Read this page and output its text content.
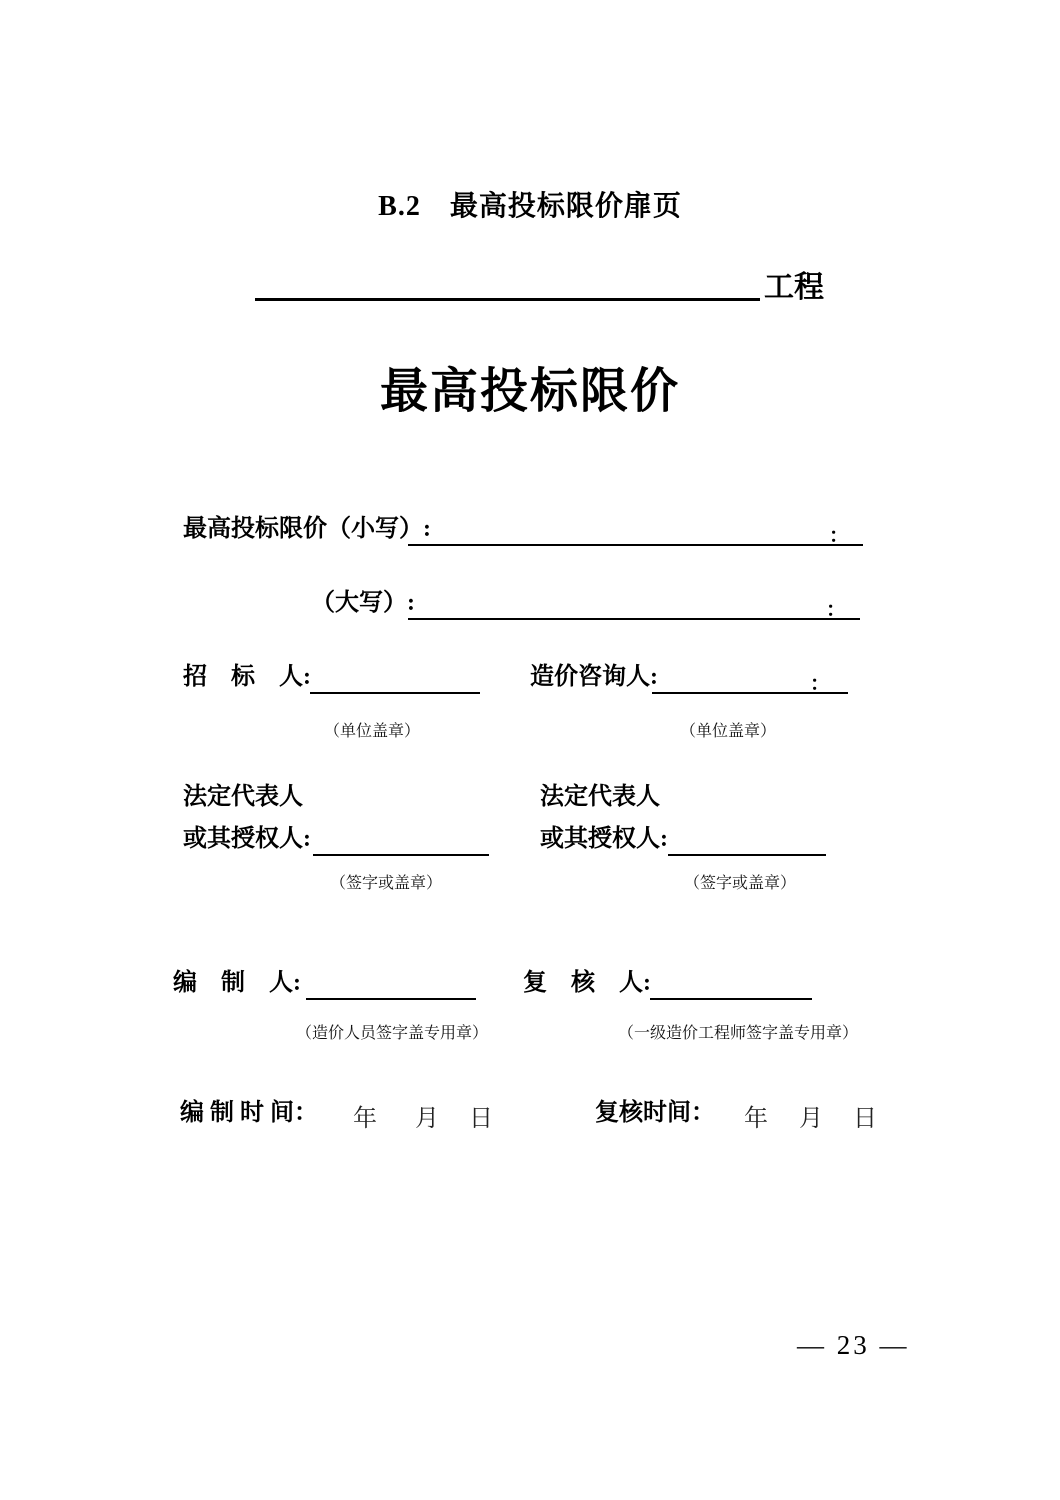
B.2　最高投标限价扉页
工程
最高投标限价
最高投标限价（小写）:	：
（大写）:	：
招　标　人:	造价咨询人:	：
（单位盖章）	（单位盖章）
法定代表人	法定代表人
或其授权人:	或其授权人:
（签字或盖章）	（签字或盖章）
编　制　人:	复　核　人:
（造价人员签字盖专用章）	（一级造价工程师签字盖专用章）
编 制 时 间： 年 月 日	复核时间： 年 月 日
— 23 —
